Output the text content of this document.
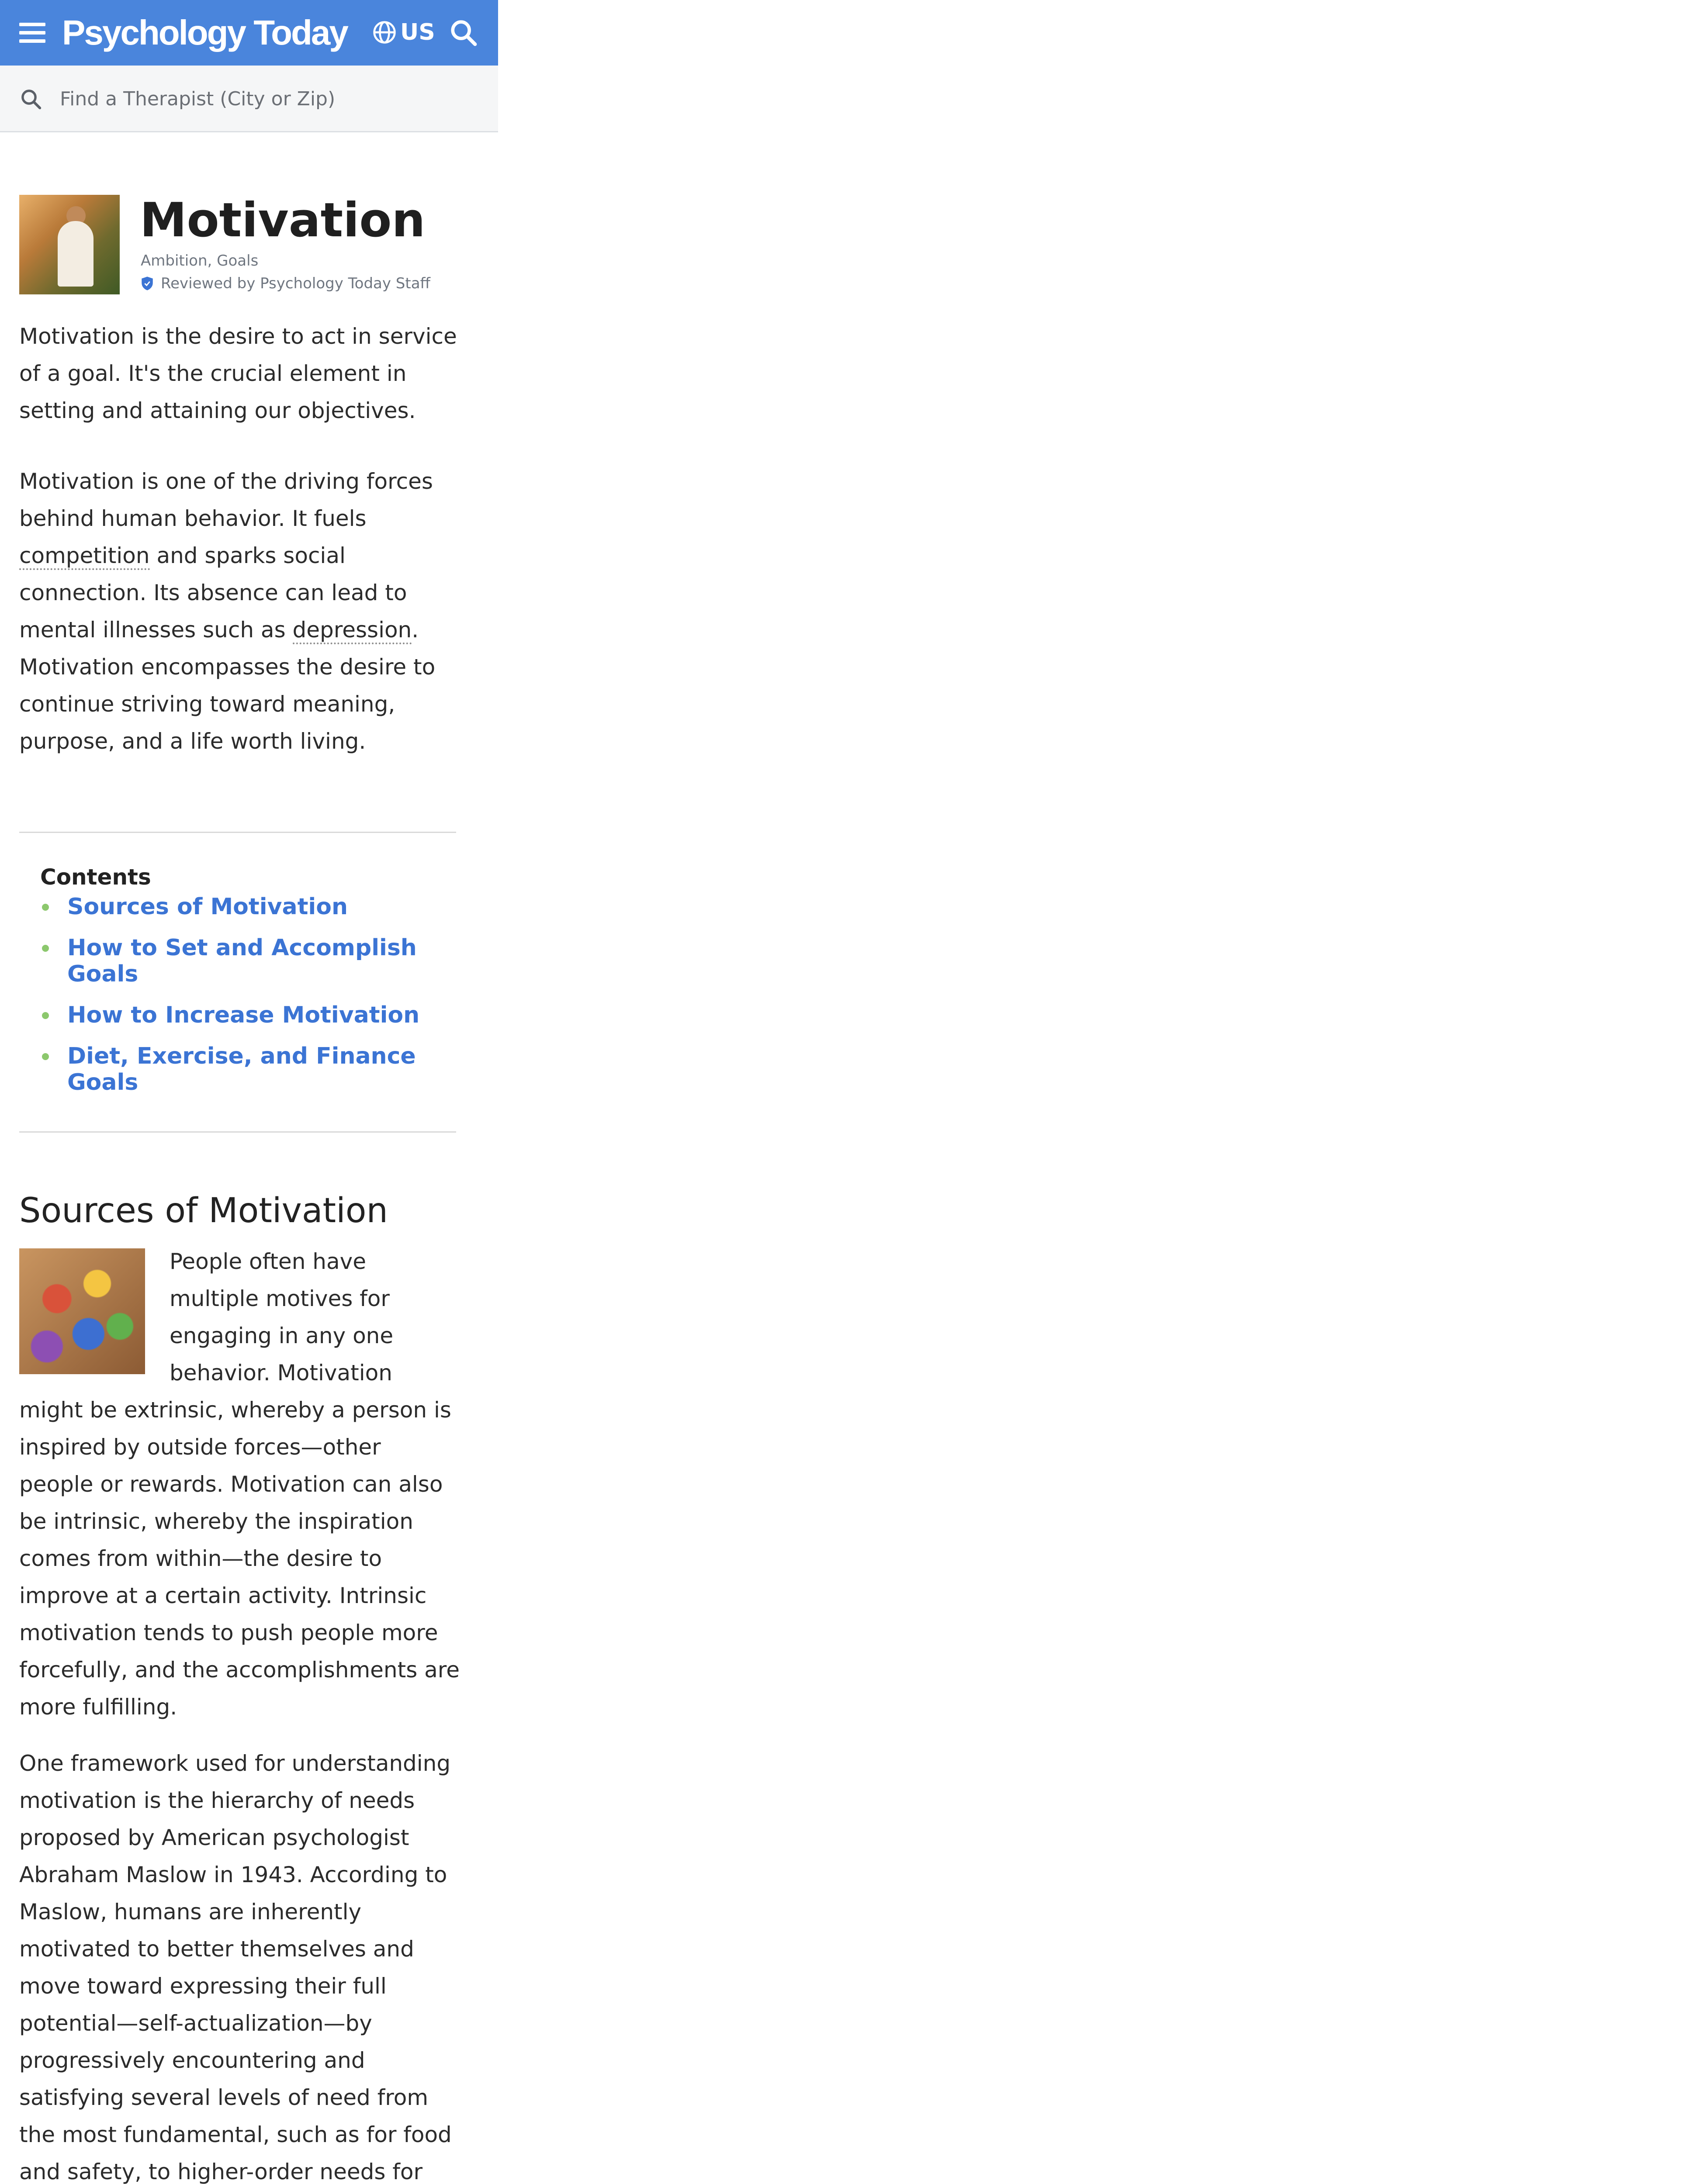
Psychology Today US
Find a Therapist (City or Zip)
Motivation
Ambition, Goals
Reviewed by Psychology Today Staff

Motivation is the desire to act in service of a goal. It's the crucial element in setting and attaining our objectives.

Motivation is one of the driving forces behind human behavior. It fuels competition and sparks social connection. Its absence can lead to mental illnesses such as depression. Motivation encompasses the desire to continue striving toward meaning, purpose, and a life worth living.

Contents
Sources of Motivation
How to Set and Accomplish Goals
How to Increase Motivation
Diet, Exercise, and Finance Goals
Sources of Motivation

People often have multiple motives for engaging in any one behavior. Motivation might be extrinsic, whereby a person is inspired by outside forces—other people or rewards. Motivation can also be intrinsic, whereby the inspiration comes from within—the desire to improve at a certain activity. Intrinsic motivation tends to push people more forcefully, and the accomplishments are more fulfilling.

One framework used for understanding motivation is the hierarchy of needs proposed by American psychologist Abraham Maslow in 1943. According to Maslow, humans are inherently motivated to better themselves and move toward expressing their full potential—self-actualization—by progressively encountering and satisfying several levels of need from the most fundamental, such as for food and safety, to higher-order needs for
